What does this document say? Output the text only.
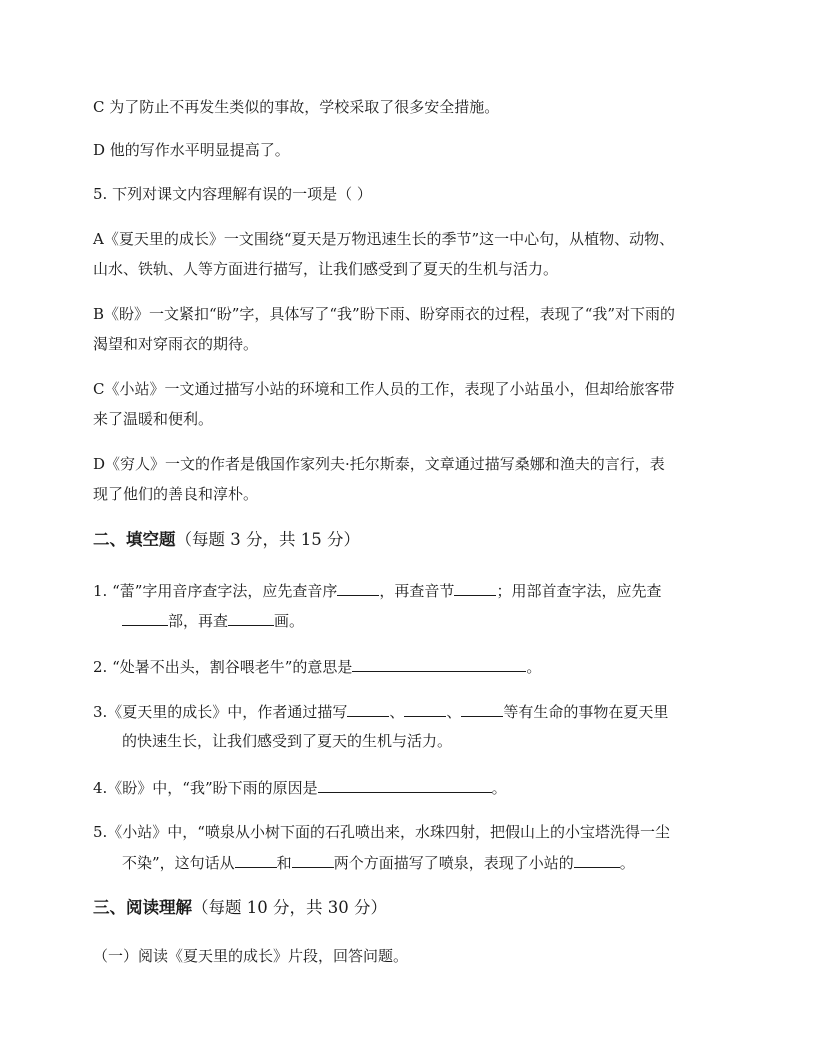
C 为了防止不再发生类似的事故，学校采取了很多安全措施。
D 他的写作水平明显提高了。
5. 下列对课文内容理解有误的一项是（ ）
A《夏天里的成长》一文围绕“夏天是万物迅速生长的季节”这一中心句，从植物、动物、
山水、铁轨、人等方面进行描写，让我们感受到了夏天的生机与活力。
B《盼》一文紧扣“盼”字，具体写了“我”盼下雨、盼穿雨衣的过程，表现了“我”对下雨的
渴望和对穿雨衣的期待。
C《小站》一文通过描写小站的环境和工作人员的工作，表现了小站虽小，但却给旅客带
来了温暖和便利。
D《穷人》一文的作者是俄国作家列夫·托尔斯泰，文章通过描写桑娜和渔夫的言行，表
现了他们的善良和淳朴。
二、填空题（每题 3 分，共 15 分）
1. “蕾”字用音序查字法，应先查音序	，再查音节	；用部首查字法，应先查
部，再查	画。
2. “处暑不出头，割谷喂老牛”的意思是	。
3.《夏天里的成长》中，作者通过描写	、	、	等有生命的事物在夏天里
的快速生长，让我们感受到了夏天的生机与活力。
4.《盼》中，“我”盼下雨的原因是	。
5.《小站》中，“喷泉从小树下面的石孔喷出来，水珠四射，把假山上的小宝塔洗得一尘
不染”，这句话从	和	两个方面描写了喷泉，表现了小站的	。
三、阅读理解（每题 10 分，共 30 分）
（一）阅读《夏天里的成长》片段，回答问题。
